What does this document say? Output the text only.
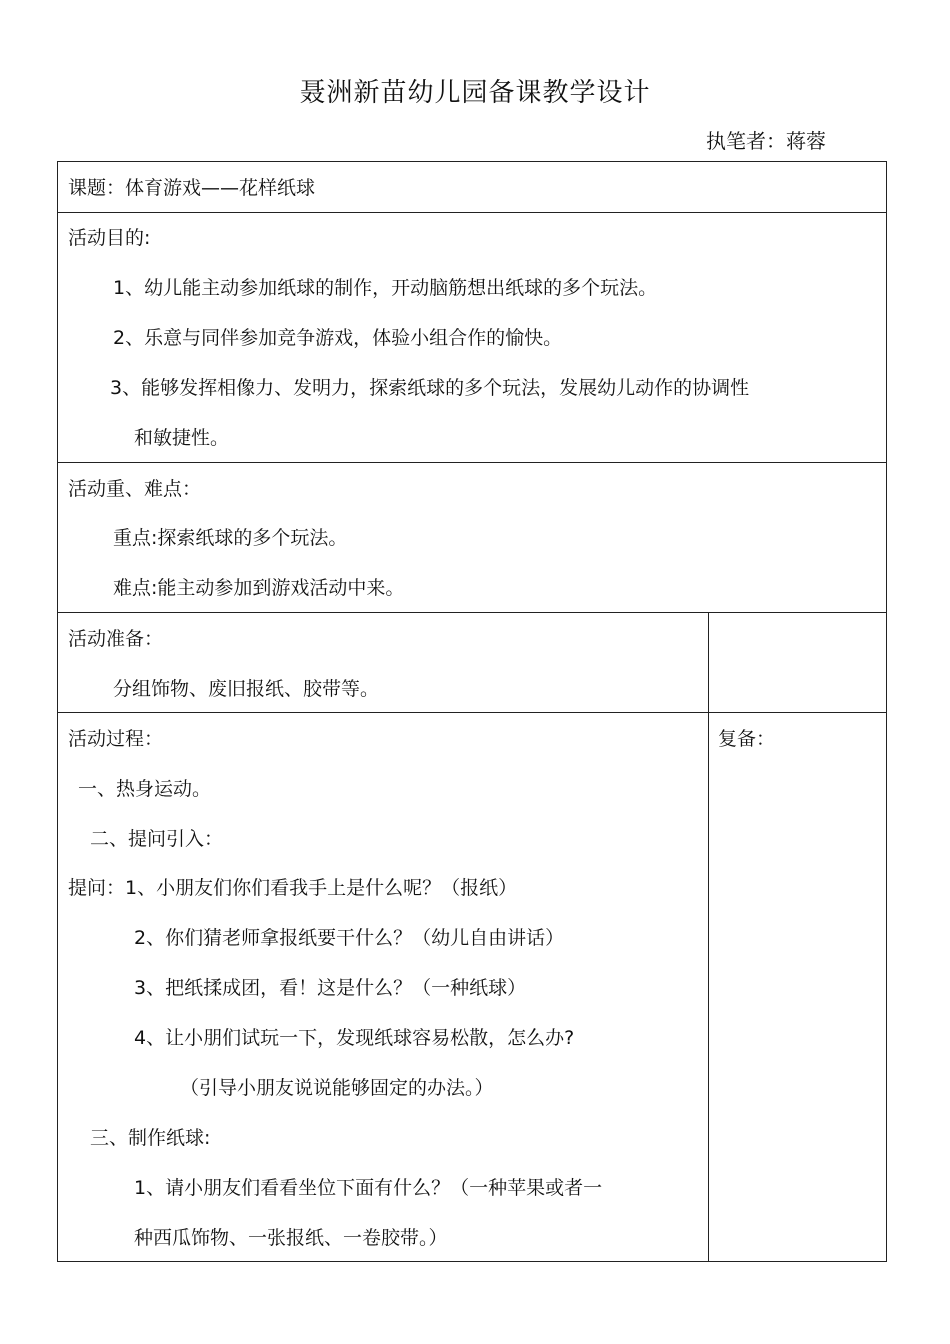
聂洲新苗幼儿园备课教学设计
执笔者：蒋蓉
课题：体育游戏——花样纸球
活动目的:
1、幼儿能主动参加纸球的制作，开动脑筋想出纸球的多个玩法。
2、乐意与同伴参加竞争游戏，体验小组合作的愉快。
3、能够发挥相像力、发明力，探索纸球的多个玩法，发展幼儿动作的协调性
和敏捷性。
活动重、难点：
重点:探索纸球的多个玩法。
难点:能主动参加到游戏活动中来。
活动准备：
分组饰物、废旧报纸、胶带等。
活动过程：	复备：
一、热身运动。
二、提问引入：
提问：1、小朋友们你们看我手上是什么呢？（报纸）
2、你们猜老师拿报纸要干什么？（幼儿自由讲话）
3、把纸揉成团，看！这是什么？（一种纸球）
4、让小朋们试玩一下，发现纸球容易松散，怎么办?
（引导小朋友说说能够固定的办法。）
三、制作纸球:
1、请小朋友们看看坐位下面有什么？（一种苹果或者一
种西瓜饰物、一张报纸、一卷胶带。）
